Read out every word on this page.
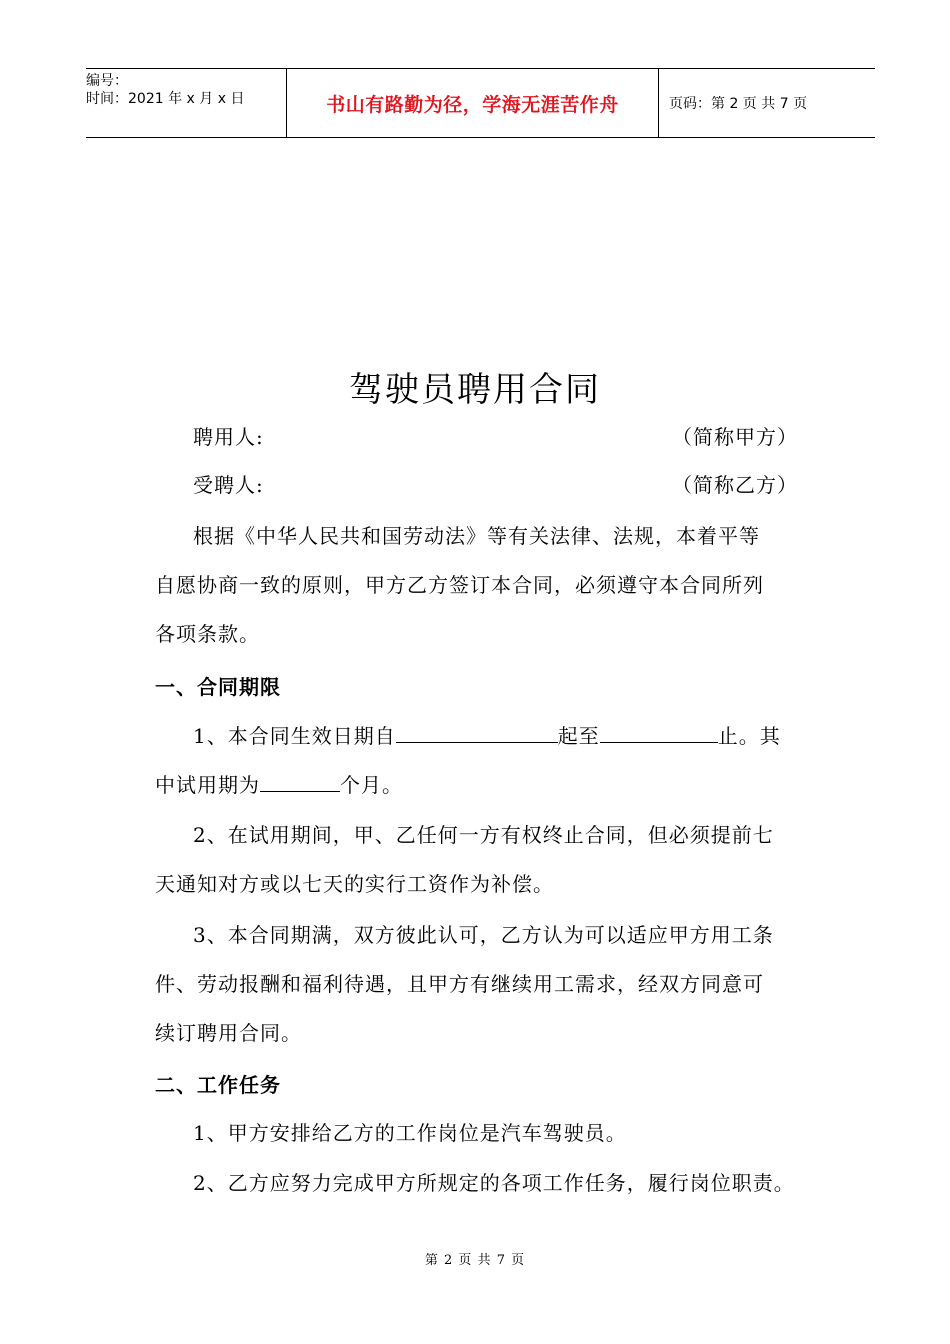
编号：
时间：2021 年 x 月 x 日	书山有路勤为径，学海无涯苦作舟	页码：第 2 页 共 7 页
驾驶员聘用合同
聘用人:	（简称甲方）
受聘人:	（简称乙方）
根据《中华人民共和国劳动法》等有关法律、法规，本着平等
自愿协商一致的原则，甲方乙方签订本合同，必须遵守本合同所列
各项条款。
一、合同期限
1、本合同生效日期自	起至	止。其
中试用期为	个月。
2、在试用期间，甲、乙任何一方有权终止合同，但必须提前七
天通知对方或以七天的实行工资作为补偿。
3、本合同期满，双方彼此认可，乙方认为可以适应甲方用工条
件、劳动报酬和福利待遇，且甲方有继续用工需求，经双方同意可
续订聘用合同。
二、工作任务
1、甲方安排给乙方的工作岗位是汽车驾驶员。
2、乙方应努力完成甲方所规定的各项工作任务，履行岗位职责。
第 2 页 共 7 页
